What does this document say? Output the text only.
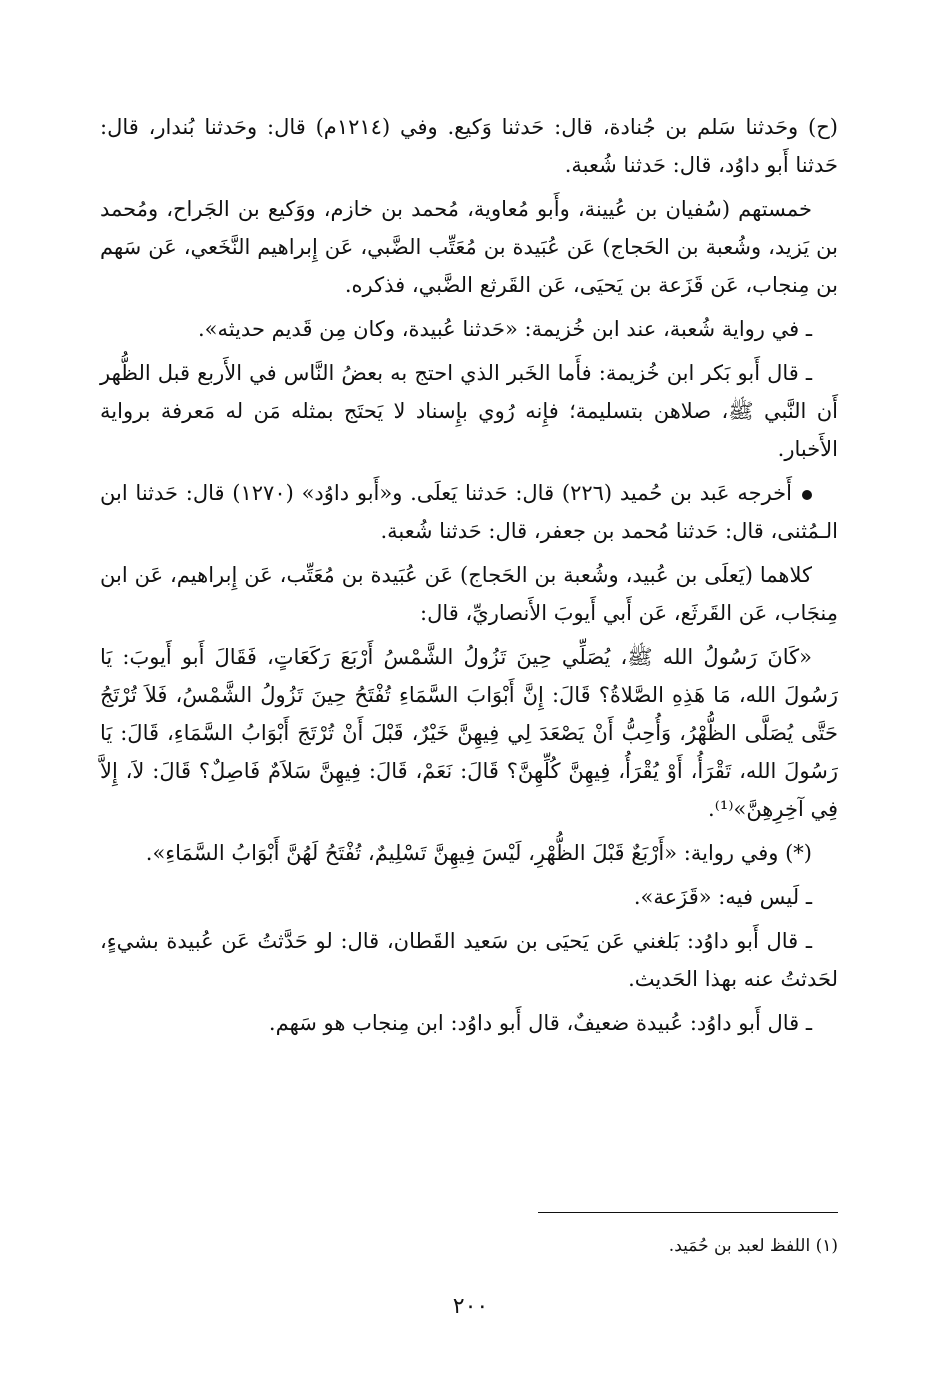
(ح) وحَدثنا سَلم بن جُنادة، قال: حَدثنا وَكيع. وفي (١٢١٤م) قال: وحَدثنا بُندار، قال: حَدثنا أَبو داوُد، قال: حَدثنا شُعبة.

خمستهم (سُفيان بن عُيينة، وأَبو مُعاوية، مُحمد بن خازم، ووَكيع بن الجَراح، ومُحمد بن يَزيد، وشُعبة بن الحَجاج) عَن عُبَيدة بن مُعَتِّب الضَّبي، عَن إِبراهيم النَّخَعي، عَن سَهم بن مِنجاب، عَن قَزَعة بن يَحيَى، عَن القَرثع الضَّبي، فذكره.

ـ في رواية شُعبة، عند ابن خُزيمة: «حَدثنا عُبيدة، وكان مِن قَديم حديثه».

ـ قال أَبو بَكر ابن خُزيمة: فأَما الخَبر الذي احتج به بعضُ النَّاس في الأَربع قبل الظُّهر أَن النَّبي ﷺ، صلاهن بتسليمة؛ فإِنه رُوي بإِسناد لا يَحتَج بمثله مَن له مَعرفة برواية الأَخبار.

أَخرجه عَبد بن حُميد (٢٢٦) قال: حَدثنا يَعلَى. و«أَبو داوُد» (١٢٧٠) قال: حَدثنا ابن الـمُثنى، قال: حَدثنا مُحمد بن جعفر، قال: حَدثنا شُعبة.

كلاهما (يَعلَى بن عُبيد، وشُعبة بن الحَجاج) عَن عُبَيدة بن مُعَتِّب، عَن إِبراهيم، عَن ابن مِنجَاب، عَن القَرثَع، عَن أَبي أَيوبَ الأَنصاريِّ، قال:

«كَانَ رَسُولُ الله ﷺ، يُصَلِّي حِينَ تَزُولُ الشَّمْسُ أَرْبَعَ رَكَعَاتٍ، فَقَالَ أَبو أَيوبَ: يَا رَسُولَ الله، مَا هَذِهِ الصَّلاةُ؟ قَالَ: إِنَّ أَبْوَابَ السَّمَاءِ تُفْتَحُ حِينَ تَزُولُ الشَّمْسُ، فَلاَ تُرْتَجُ حَتَّى يُصَلَّى الظُّهْرُ، وَأُحِبُّ أَنْ يَصْعَدَ لِي فِيهِنَّ خَيْرٌ، قَبْلَ أَنْ تُرْتَجَ أَبْوَابُ السَّمَاءِ، قَالَ: يَا رَسُولَ الله، تَقْرَأُ، أَوْ يُقْرَأُ، فِيهِنَّ كُلِّهِنَّ؟ قَالَ: نَعَمْ، قَالَ: فِيهِنَّ سَلاَمٌ فَاصِلٌ؟ قَالَ: لاَ، إِلاَّ فِي آخِرِهِنَّ»⁽¹⁾.

(*) وفي رواية: «أَرْبَعٌ قَبْلَ الظُّهْرِ، لَيْسَ فِيهِنَّ تَسْلِيمٌ، تُفْتَحُ لَهُنَّ أَبْوَابُ السَّمَاءِ».

ـ لَيس فيه: «قَزَعة».

ـ قال أَبو داوُد: بَلغني عَن يَحيَى بن سَعيد القَطان، قال: لو حَدَّثتُ عَن عُبيدة بشيءٍ، لحَدثتُ عنه بهذا الحَديث.

ـ قال أَبو داوُد: عُبيدة ضعيفٌ، قال أَبو داوُد: ابن مِنجاب هو سَهم.

(١) اللفظ لعبد بن حُمَيد.
٢٠٠
